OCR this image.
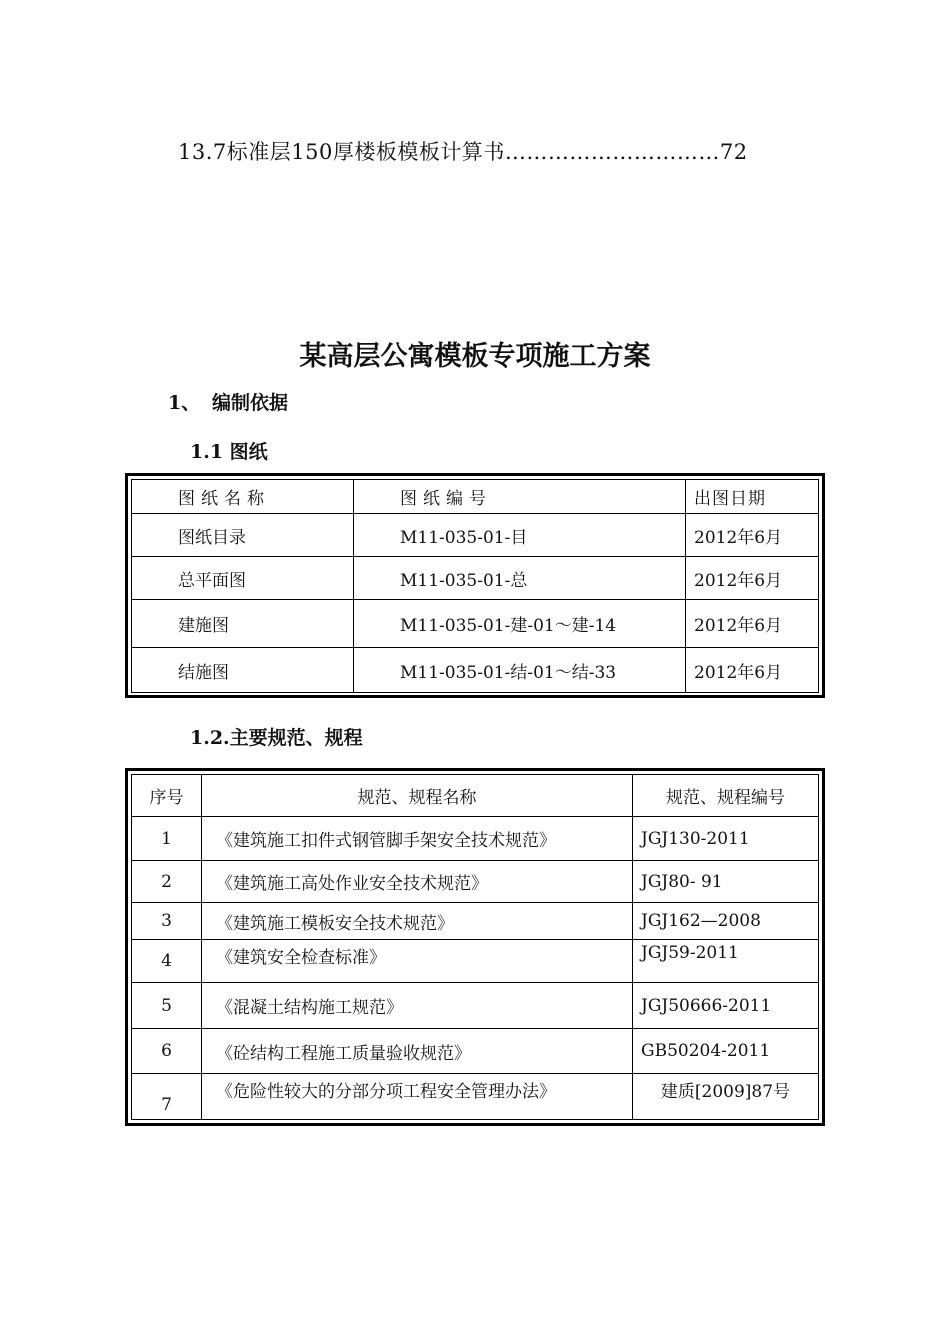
13.7标准层150厚楼板模板计算书…………………………72
某高层公寓模板专项施工方案
1、 编制依据
1.1 图纸
图纸名称	图纸编号	出图日期
图纸目录	M11-035-01-目	2012年6月
总平面图	M11-035-01-总	2012年6月
建施图	M11-035-01-建-01～建-14	2012年6月
结施图	M11-035-01-结-01～结-33	2012年6月
1.2.主要规范、规程
序号	规范、规程名称	规范、规程编号
1	《建筑施工扣件式钢管脚手架安全技术规范》	JGJ130-2011
2	《建筑施工高处作业安全技术规范》	JGJ80- 91
3	《建筑施工模板安全技术规范》	JGJ162—2008
4	《建筑安全检查标准》	JGJ59-2011
5	《混凝土结构施工规范》	JGJ50666-2011
6	《砼结构工程施工质量验收规范》	GB50204-2011
7	《危险性较大的分部分项工程安全管理办法》	建质[2009]87号
